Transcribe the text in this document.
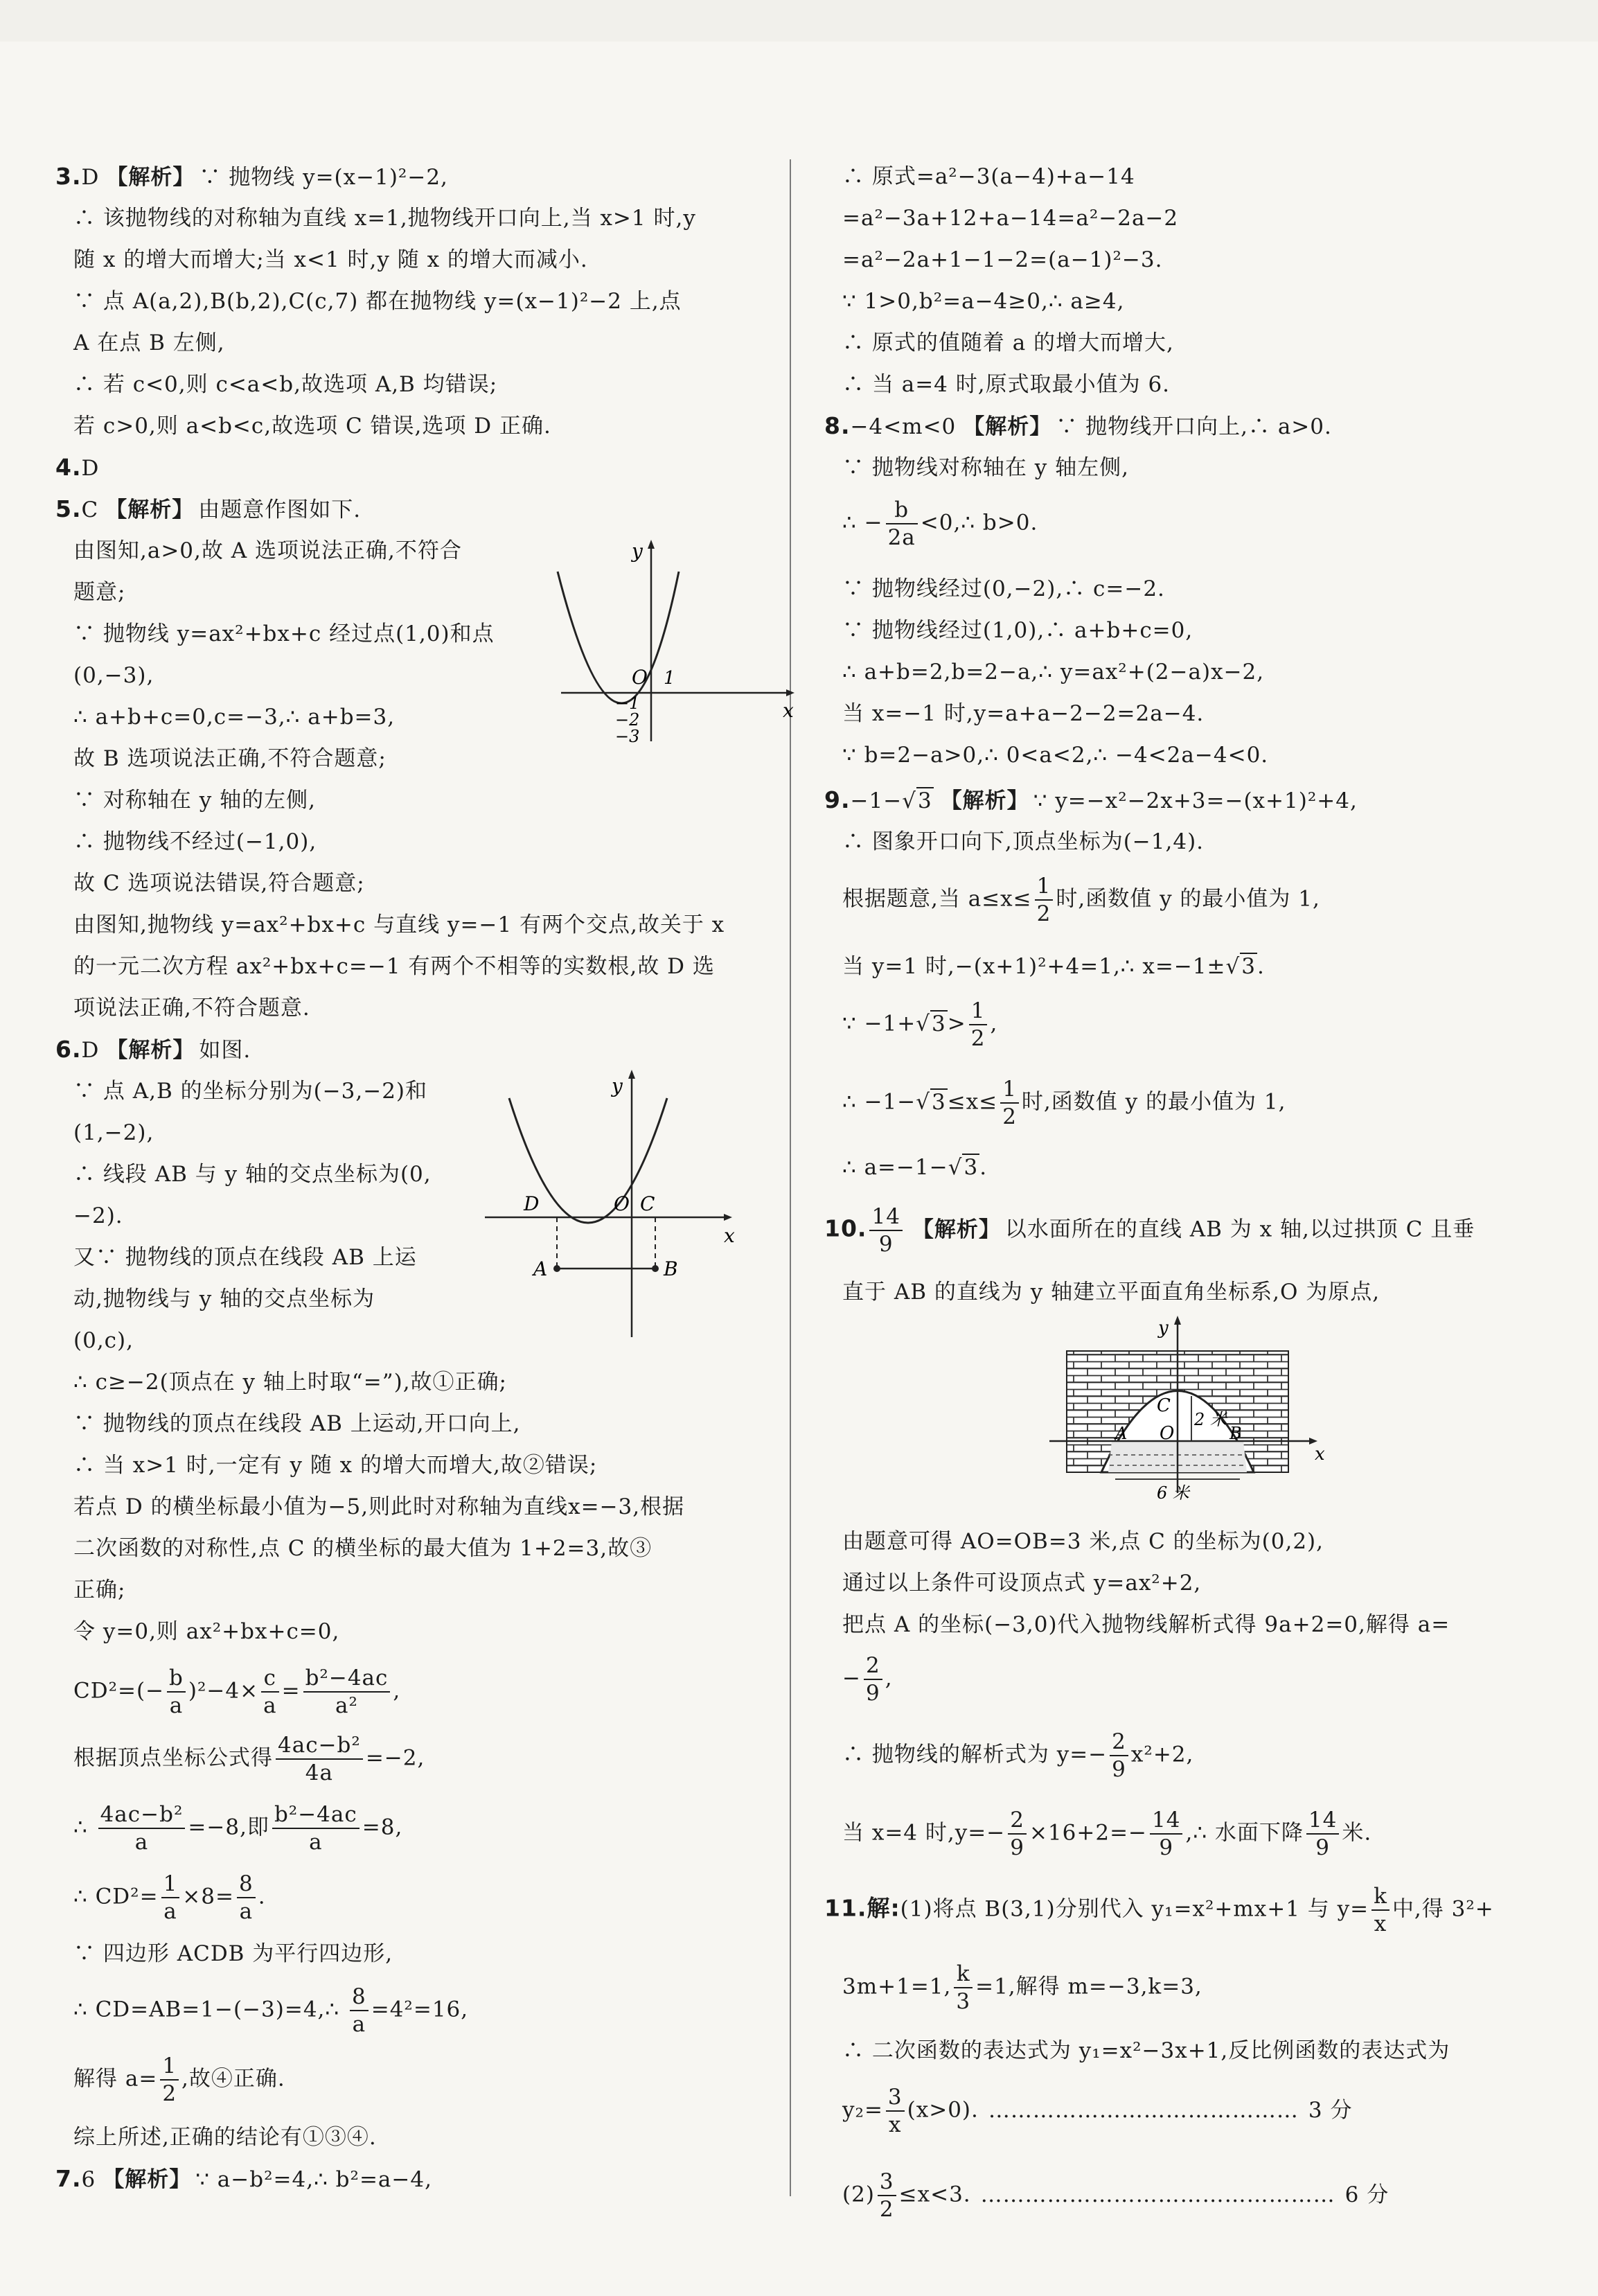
3.D 【解析】 ∵ 抛物线 y=(x−1)²−2,
∴ 该抛物线的对称轴为直线 x=1,抛物线开口向上,当 x>1 时,y
随 x 的增大而增大;当 x<1 时,y 随 x 的增大而减小.
∵ 点 A(a,2),B(b,2),C(c,7) 都在抛物线 y=(x−1)²−2 上,点
A 在点 B 左侧,
∴ 若 c<0,则 c<a<b,故选项 A,B 均错误;
若 c>0,则 a<b<c,故选项 C 错误,选项 D 正确.
4.D
5.C 【解析】 由题意作图如下.
由图知,a>0,故 A 选项说法正确,不符合
题意;
∵ 抛物线 y=ax²+bx+c 经过点(1,0)和点
(0,−3),
∴ a+b+c=0,c=−3,∴ a+b=3,
故 B 选项说法正确,不符合题意;
∵ 对称轴在 y 轴的左侧,
∴ 抛物线不经过(−1,0),
故 C 选项说法错误,符合题意;
由图知,抛物线 y=ax²+bx+c 与直线 y=−1 有两个交点,故关于 x
的一元二次方程 ax²+bx+c=−1 有两个不相等的实数根,故 D 选
项说法正确,不符合题意.
y
x
O 1
−1
−2
−3
6.D 【解析】 如图.
∵ 点 A,B 的坐标分别为(−3,−2)和
(1,−2),
∴ 线段 AB 与 y 轴的交点坐标为(0,
−2).
又∵ 抛物线的顶点在线段 AB 上运
动,抛物线与 y 轴的交点坐标为
(0,c),
∴ c≥−2(顶点在 y 轴上时取“=”),故①正确;
∵ 抛物线的顶点在线段 AB 上运动,开口向上,
∴ 当 x>1 时,一定有 y 随 x 的增大而增大,故②错误;
若点 D 的横坐标最小值为−5,则此时对称轴为直线x=−3,根据
二次函数的对称性,点 C 的横坐标的最大值为 1+2=3,故③
正确;
令 y=0,则 ax²+bx+c=0,
$CD^2=(- \frac{b}{a} )^2-4\times \frac{c}{a} = \frac{\text{b²−4ac}}{\text{a²}}$ ,
根据顶点坐标公式得 $\frac{\text{4ac−b²}}{4a} =-2$,
∴ $\frac{\text{4ac−b²}}{a} =-8$,即 $\frac{\text{b²−4ac}}{a} =8$,
∴ $CD^2= \frac{1}{a} \times 8= \frac{8}{a}$ .
∵ 四边形 ACDB 为平行四边形,
∴ CD=AB=1−(−3)=4,∴ $\frac{8}{a} =4^2=16$,
解得 $a= \frac{1}{2}$ ,故④正确.
综上所述,正确的结论有①③④.
7.6 【解析】 ∵ a−b²=4,∴ b²=a−4,
y
x
O
D	C
A	B
∴ 原式=a²−3(a−4)+a−14
=a²−3a+12+a−14=a²−2a−2
=a²−2a+1−1−2=(a−1)²−3.
∵ 1>0,b²=a−4≥0,∴ a≥4,
∴ 原式的值随着 a 的增大而增大,
∴ 当 a=4 时,原式取最小值为 6.
8.−4<m<0 【解析】 ∵ 抛物线开口向上,∴ a>0.
∵ 抛物线对称轴在 y 轴左侧,
∴ − $\frac{b}{2a}$ <0,∴ b>0.
∵ 抛物线经过(0,−2),∴ c=−2.
∵ 抛物线经过(1,0),∴ a+b+c=0,
∴ a+b=2,b=2−a,∴ y=ax²+(2−a)x−2,
当 x=−1 时,y=a+a−2−2=2a−4.
∵ b=2−a>0,∴ 0<a<2,∴ −4<2a−4<0.
9.−1−√3 【解析】 ∵ y=−x²−2x+3=−(x+1)²+4,
∴ 图象开口向下,顶点坐标为(−1,4).
根据题意,当 $a\le x\le \frac{1}{2}$ 时,函数值 y 的最小值为 1,
当 y=1 时,−(x+1)²+4=1,∴ x=−1±√3.
∵ $-1+√3> \frac{1}{2}$ ,
∴ $-1-√3\le x\le \frac{1}{2}$ 时,函数值 y 的最小值为 1,
∴ a=−1−√3.
10. $\frac{14}{9}$ 【解析】 以水面所在的直线 AB 为 x 轴,以过拱顶 C 且垂
直于 AB 的直线为 y 轴建立平面直角坐标系,O 为原点,
y
x
C
O
A	B
2 米
6 米
由题意可得 AO=OB=3 米,点 C 的坐标为(0,2),
通过以上条件可设顶点式 y=ax²+2,
把点 A 的坐标(−3,0)代入抛物线解析式得 9a+2=0,解得 a=
− $\frac{2}{9}$ ,
∴ 抛物线的解析式为 $y=- \frac{2}{9} x^2+2$,
当 x=4 时$,y=- \frac{2}{9} \times 16+2=- \frac{14}{9}$ ,∴ 水面下降 $\frac{14}{9}$ 米.
11.解:(1)将点 B(3,1)分别代入 y₁=x²+mx+1 与 $y= \frac{k}{x}$ 中,得 3²+
3m+1=1, $\frac{k}{3} =1$,解得 m=−3,k=3,
∴ 二次函数的表达式为 y₁=x²−3x+1,反比例函数的表达式为
$y_2= \frac{3}{x} (x>0)$. …………………………………… 3 分
$(2) \frac{3}{2} \le x<3$. ………………………………………… 6 分
